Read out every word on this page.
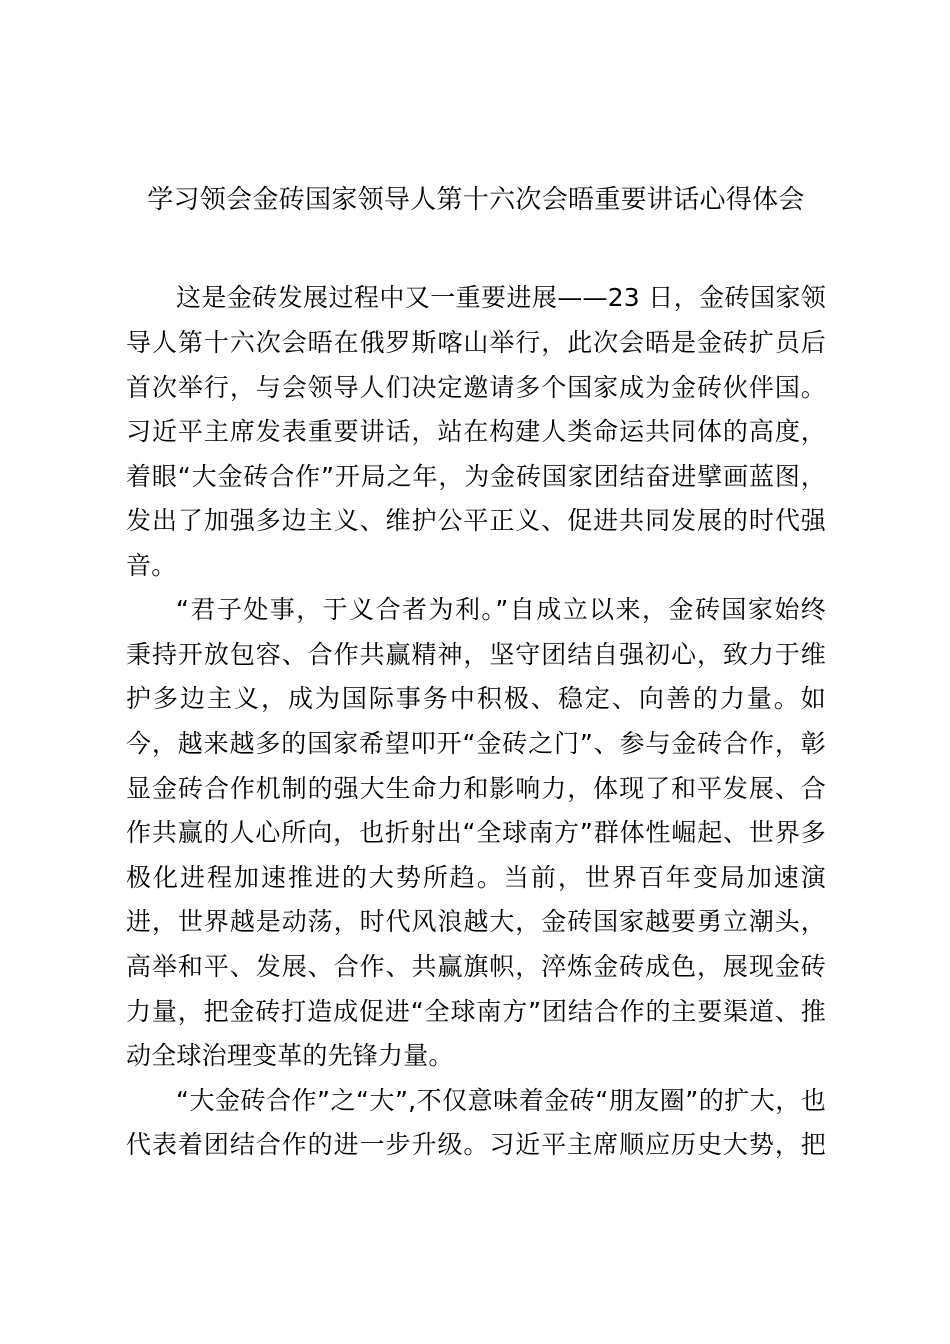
学习领会金砖国家领导人第十六次会晤重要讲话心得体会
这是金砖发展过程中又一重要进展——23 日，金砖国家领
导人第十六次会晤在俄罗斯喀山举行，此次会晤是金砖扩员后
首次举行，与会领导人们决定邀请多个国家成为金砖伙伴国。
习近平主席发表重要讲话，站在构建人类命运共同体的高度，
着眼“大金砖合作”开局之年，为金砖国家团结奋进擘画蓝图，
发出了加强多边主义、维护公平正义、促进共同发展的时代强
音。
“君子处事，于义合者为利。”自成立以来，金砖国家始终
秉持开放包容、合作共赢精神，坚守团结自强初心，致力于维
护多边主义，成为国际事务中积极、稳定、向善的力量。如
今，越来越多的国家希望叩开“金砖之门”、参与金砖合作，彰
显金砖合作机制的强大生命力和影响力，体现了和平发展、合
作共赢的人心所向，也折射出“全球南方”群体性崛起、世界多
极化进程加速推进的大势所趋。当前，世界百年变局加速演
进，世界越是动荡，时代风浪越大，金砖国家越要勇立潮头，
高举和平、发展、合作、共赢旗帜，淬炼金砖成色，展现金砖
力量，把金砖打造成促进“全球南方”团结合作的主要渠道、推
动全球治理变革的先锋力量。
“大金砖合作”之“大”,不仅意味着金砖“朋友圈”的扩大，也
代表着团结合作的进一步升级。习近平主席顺应历史大势，把
